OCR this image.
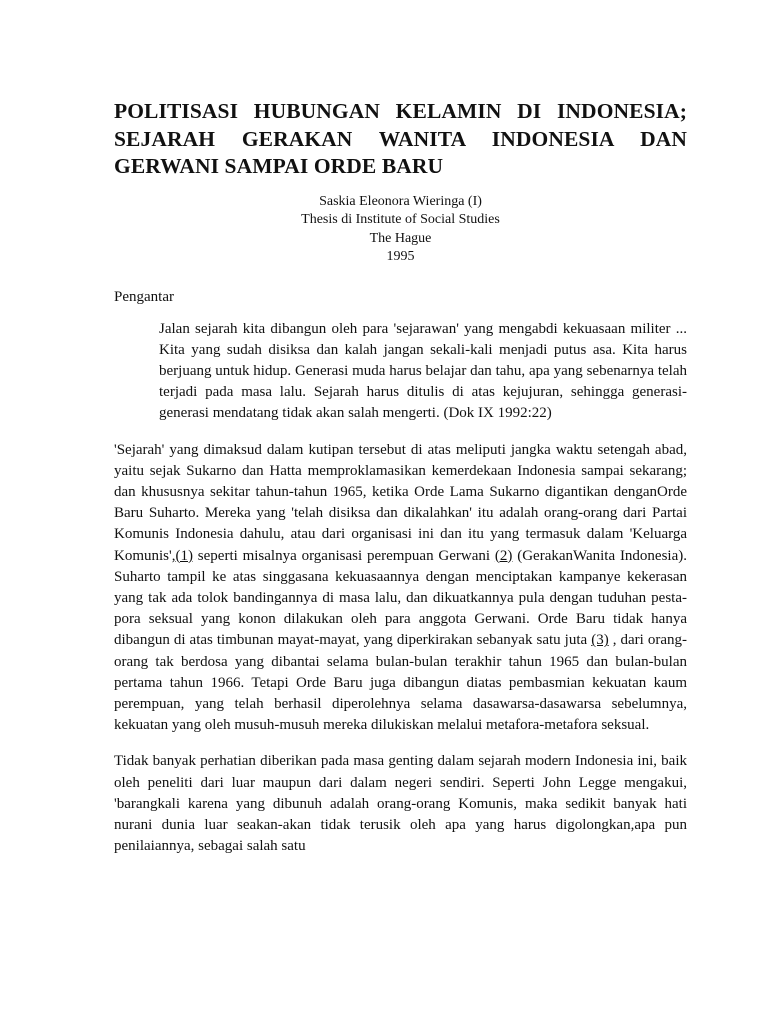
POLITISASI HUBUNGAN KELAMIN DI INDONESIA; SEJARAH GERAKAN WANITA INDONESIA DAN GERWANI SAMPAI ORDE BARU
Saskia Eleonora Wieringa (I)
Thesis di Institute of Social Studies
The Hague
1995
Pengantar

Jalan sejarah kita dibangun oleh para 'sejarawan' yang mengabdi kekuasaan militer ... Kita yang sudah disiksa dan kalah jangan sekali-kali menjadi putus asa. Kita harus berjuang untuk hidup. Generasi muda harus belajar dan tahu, apa yang sebenarnya telah terjadi pada masa lalu. Sejarah harus ditulis di atas kejujuran, sehingga generasi-generasi mendatang tidak akan salah mengerti. (Dok IX 1992:22)

'Sejarah' yang dimaksud dalam kutipan tersebut di atas meliputi jangka waktu setengah abad, yaitu sejak Sukarno dan Hatta memproklamasikan kemerdekaan Indonesia sampai sekarang; dan khususnya sekitar tahun-tahun 1965, ketika Orde Lama Sukarno digantikan denganOrde Baru Suharto. Mereka yang 'telah disiksa dan dikalahkan' itu adalah orang-orang dari Partai Komunis Indonesia dahulu, atau dari organisasi ini dan itu yang termasuk dalam 'Keluarga Komunis',(1) seperti misalnya organisasi perempuan Gerwani (2) (GerakanWanita Indonesia). Suharto tampil ke atas singgasana kekuasaannya dengan menciptakan kampanye kekerasan yang tak ada tolok bandingannya di masa lalu, dan dikuatkannya pula dengan tuduhan pesta-pora seksual yang konon dilakukan oleh para anggota Gerwani. Orde Baru tidak hanya dibangun di atas timbunan mayat-mayat, yang diperkirakan sebanyak satu juta (3) , dari orang-orang tak berdosa yang dibantai selama bulan-bulan terakhir tahun 1965 dan bulan-bulan pertama tahun 1966. Tetapi Orde Baru juga dibangun diatas pembasmian kekuatan kaum perempuan, yang telah berhasil diperolehnya selama dasawarsa-dasawarsa sebelumnya, kekuatan yang oleh musuh-musuh mereka dilukiskan melalui metafora-metafora seksual.

Tidak banyak perhatian diberikan pada masa genting dalam sejarah modern Indonesia ini, baik oleh peneliti dari luar maupun dari dalam negeri sendiri. Seperti John Legge mengakui, 'barangkali karena yang dibunuh adalah orang-orang Komunis, maka sedikit banyak hati nurani dunia luar seakan-akan tidak terusik oleh apa yang harus digolongkan,apa pun penilaiannya, sebagai salah satu
